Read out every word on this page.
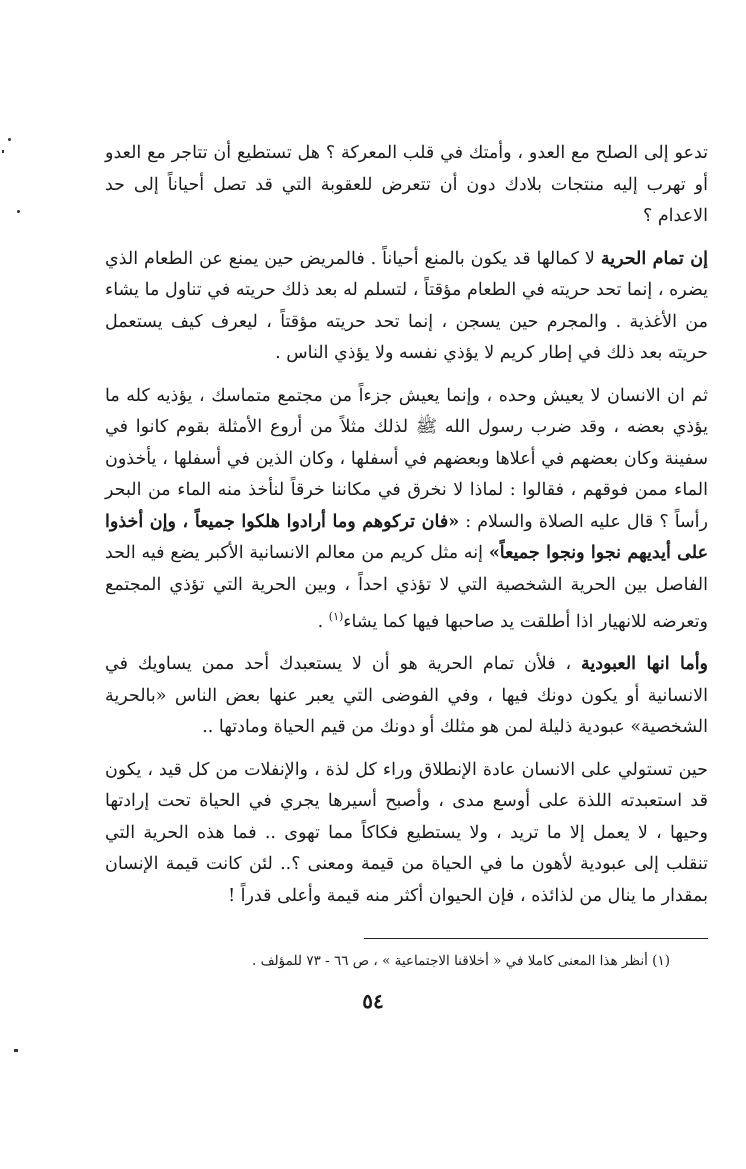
تدعو إلى الصلح مع العدو ، وأمتك في قلب المعركة ؟ هل تستطيع أن تتاجر مع العدو أو تهرب إليه منتجات بلادك دون أن تتعرض للعقوبة التي قد تصل أحياناً إلى حد الاعدام ؟

إن تمام الحرية لا كمالها قد يكون بالمنع أحياناً . فالمريض حين يمنع عن الطعام الذي يضره ، إنما تحد حريته في الطعام مؤقتاً ، لتسلم له بعد ذلك حريته في تناول ما يشاء من الأغذية . والمجرم حين يسجن ، إنما تحد حريته مؤقتاً ، ليعرف كيف يستعمل حريته بعد ذلك في إطار كريم لا يؤذي نفسه ولا يؤذي الناس .

ثم ان الانسان لا يعيش وحده ، وإنما يعيش جزءاً من مجتمع متماسك ، يؤذيه كله ما يؤذي بعضه ، وقد ضرب رسول الله ﷺ لذلك مثلاً من أروع الأمثلة بقوم كانوا في سفينة وكان بعضهم في أعلاها وبعضهم في أسفلها ، وكان الذين في أسفلها ، يأخذون الماء ممن فوقهم ، فقالوا : لماذا لا نخرق في مكاننا خرقاً لنأخذ منه الماء من البحر رأساً ؟ قال عليه الصلاة والسلام : «فان تركوهم وما أرادوا هلكوا جميعاً ، وإن أخذوا على أيديهم نجوا ونجوا جميعاً» إنه مثل كريم من معالم الانسانية الأكبر يضع فيه الحد الفاصل بين الحرية الشخصية التي لا تؤذي احداً ، وبين الحرية التي تؤذي المجتمع وتعرضه للانهيار اذا أطلقت يد صاحبها فيها كما يشاء$^{(١)}$ .

وأما انها العبودية ، فلأن تمام الحرية هو أن لا يستعبدك أحد ممن يساويك في الانسانية أو يكون دونك فيها ، وفي الفوضى التي يعبر عنها بعض الناس «بالحرية الشخصية» عبودية ذليلة لمن هو مثلك أو دونك من قيم الحياة ومادتها ..

حين تستولي على الانسان عادة الإنطلاق وراء كل لذة ، والإنفلات من كل قيد ، يكون قد استعبدته اللذة على أوسع مدى ، وأصبح أسيرها يجري في الحياة تحت إرادتها وحيها ، لا يعمل إلا ما تريد ، ولا يستطيع فكاكاً مما تهوى .. فما هذه الحرية التي تنقلب إلى عبودية لأهون ما في الحياة من قيمة ومعنى ؟.. لئن كانت قيمة الإنسان بمقدار ما ينال من لذائذه ، فإن الحيوان أكثر منه قيمة وأعلى قدراً !

(١) أنظر هذا المعنى كاملا في « أخلاقنا الاجتماعية » ، ص ٦٦ - ٧٣ للمؤلف .
٥٤
